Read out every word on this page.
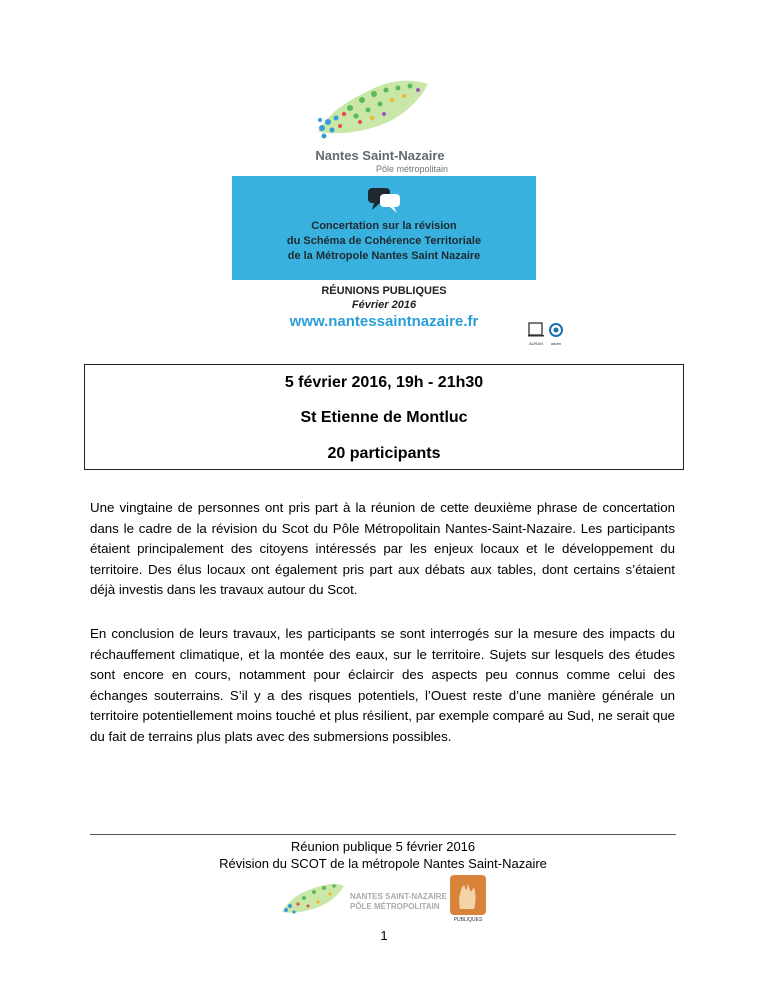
Nantes Saint-Nazaire
Pôle métropolitain
Concertation sur la révision
du Schéma de Cohérence Territoriale
de la Métropole Nantes Saint Nazaire
RÉUNIONS PUBLIQUES
Février 2016
www.nantessaintnazaire.fr
AURAN	addrn
5 février 2016, 19h - 21h30
St Etienne de Montluc
20 participants

Une vingtaine de personnes ont pris part à la réunion de cette deuxième phrase de concertation dans le cadre de la révision du Scot du Pôle Métropolitain Nantes-Saint-Nazaire. Les participants étaient principalement des citoyens intéressés par les enjeux locaux et le développement du territoire. Des élus locaux ont également pris part aux débats aux tables, dont certains s’étaient déjà investis dans les travaux autour du Scot.

En conclusion de leurs travaux, les participants se sont interrogés sur la mesure des impacts du réchauffement climatique, et la montée des eaux, sur le territoire. Sujets sur lesquels des études sont encore en cours, notamment pour éclaircir des aspects peu connus comme celui des échanges souterrains. S’il y a des risques potentiels, l’Ouest reste d’une manière générale un territoire potentiellement moins touché et plus résilient, par exemple comparé au Sud, ne serait que du fait de terrains plus plats avec des submersions possibles.

Réunion publique 5 février 2016
Révision du SCOT de la métropole Nantes Saint-Nazaire
NANTES SAINT-NAZAIRE
PÔLE MÉTROPOLITAIN
PUBLIQUES
1
